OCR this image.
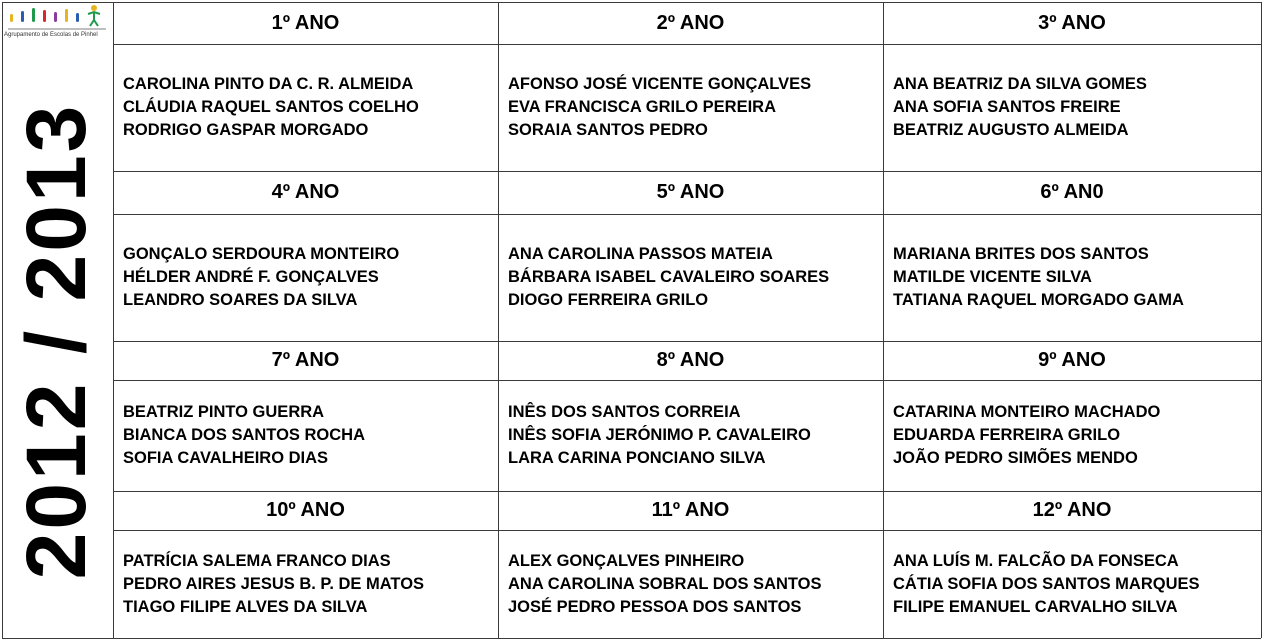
Agrupamento de Escolas de Pinhel
2012 / 2013
1º ANO
CAROLINA PINTO DA C. R. ALMEIDA
CLÁUDIA RAQUEL SANTOS COELHO
RODRIGO GASPAR MORGADO
2º ANO
AFONSO JOSÉ VICENTE GONÇALVES
EVA FRANCISCA GRILO PEREIRA
SORAIA SANTOS PEDRO
3º ANO
ANA BEATRIZ DA SILVA GOMES
ANA SOFIA SANTOS FREIRE
BEATRIZ AUGUSTO ALMEIDA
4º ANO
GONÇALO SERDOURA MONTEIRO
HÉLDER ANDRÉ F. GONÇALVES
LEANDRO SOARES DA SILVA
5º ANO
ANA CAROLINA PASSOS MATEIA
BÁRBARA ISABEL CAVALEIRO SOARES
DIOGO FERREIRA GRILO
6º AN0
MARIANA BRITES DOS SANTOS
MATILDE VICENTE SILVA
TATIANA RAQUEL MORGADO GAMA
7º ANO
BEATRIZ PINTO GUERRA
BIANCA DOS SANTOS ROCHA
SOFIA CAVALHEIRO DIAS
8º ANO
INÊS DOS SANTOS CORREIA
INÊS SOFIA JERÓNIMO P. CAVALEIRO
LARA CARINA PONCIANO SILVA
9º ANO
CATARINA MONTEIRO MACHADO
EDUARDA FERREIRA GRILO
JOÃO PEDRO SIMÕES MENDO
10º ANO
PATRÍCIA SALEMA FRANCO DIAS
PEDRO AIRES JESUS B. P. DE MATOS
TIAGO FILIPE ALVES DA SILVA
11º ANO
ALEX GONÇALVES PINHEIRO
ANA CAROLINA SOBRAL DOS SANTOS
JOSÉ PEDRO PESSOA DOS SANTOS
12º ANO
ANA LUÍS M. FALCÃO DA FONSECA
CÁTIA SOFIA DOS SANTOS MARQUES
FILIPE EMANUEL CARVALHO SILVA
